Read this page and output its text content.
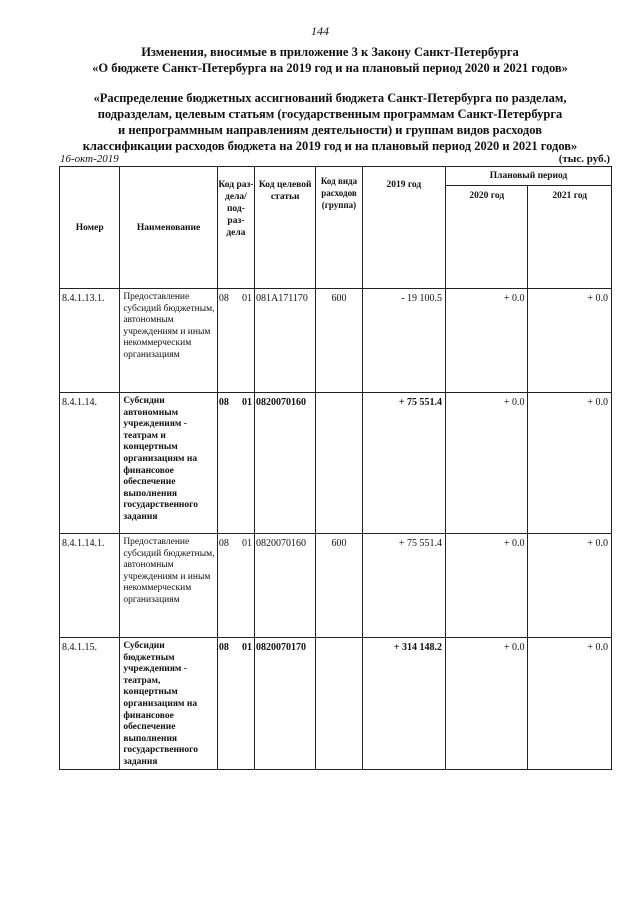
144
Изменения, вносимые в приложение 3 к Закону Санкт-Петербурга
«О бюджете Санкт-Петербурга на 2019 год и на плановый период 2020 и 2021 годов»
«Распределение бюджетных ассигнований бюджета Санкт-Петербурга по разделам,
подразделам, целевым статьям (государственным программам Санкт-Петербурга
и непрограммным направлениям деятельности) и группам видов расходов
классификации расходов бюджета на 2019 год и на плановый период 2020 и 2021 годов»
16-окт-2019	(тыс. руб.)
Номер	Наименование	Код раз- дела/ под- раз- дела	Код целевой статьи	Код вида расходов (группа)	2019 год	Плановый период	
						2020 год	2021 год
8.4.1.13.1.	Предоставление субсидий бюджетным, автономным учреждениям и иным некоммерческим организациям	08 01	081А171170	600	- 19 100.5	+ 0.0	+ 0.0
8.4.1.14.	Субсидии автономным учреждениям - театрам и концертным организациям на финансовое обеспечение выполнения государственного задания	08 01	0820070160		+ 75 551.4	+ 0.0	+ 0.0
8.4.1.14.1.	Предоставление субсидий бюджетным, автономным учреждениям и иным некоммерческим организациям	08 01	0820070160	600	+ 75 551.4	+ 0.0	+ 0.0
8.4.1.15.	Субсидии бюджетным учреждениям - театрам, концертным организациям на финансовое обеспечение выполнения государственного задания	08 01	0820070170		+ 314 148.2	+ 0.0	+ 0.0
